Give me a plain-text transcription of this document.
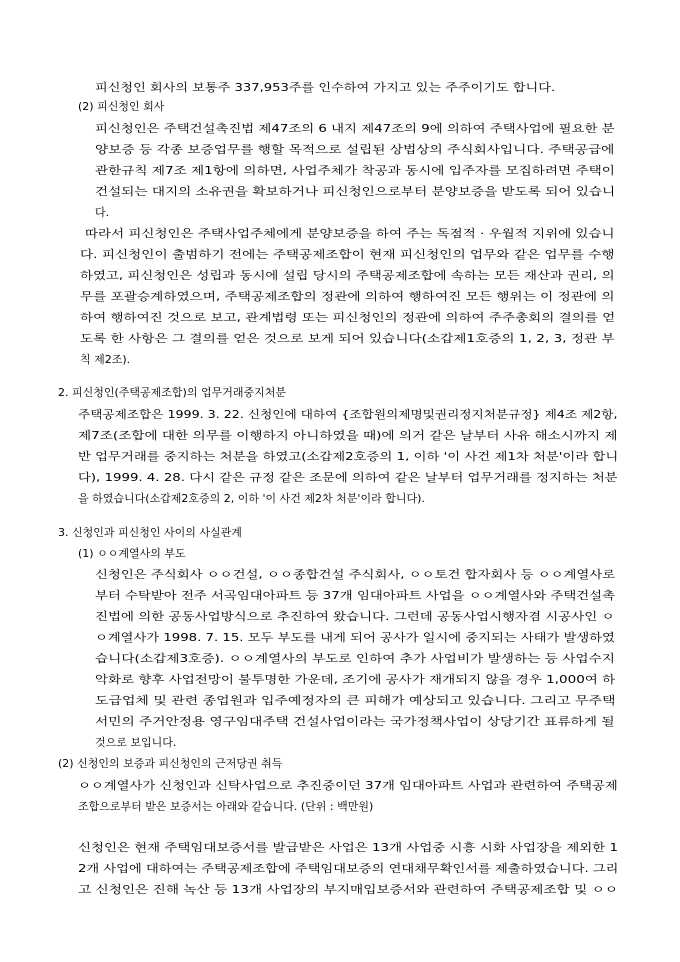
피신청인 회사의 보통주 337,953주를 인수하여 가지고 있는 주주이기도 합니다.
(2) 피신청인 회사
피신청인은 주택건설촉진법 제47조의 6 내지 제47조의 9에 의하여 주택사업에 필요한 분
양보증 등 각종 보증업무를 행할 목적으로 설립된 상법상의 주식회사입니다. 주택공급에
관한규칙 제7조 제1항에 의하면, 사업주체가 착공과 동시에 입주자를 모집하려면 주택이
건설되는 대지의 소유권을 확보하거나 피신청인으로부터 분양보증을 받도록 되어 있습니
다.
따라서 피신청인은 주택사업주체에게 분양보증을 하여 주는 독점적 · 우월적 지위에 있습니
다. 피신청인이 출범하기 전에는 주택공제조합이 현재 피신청인의 업무와 같은 업무를 수행
하였고, 피신청인은 성립과 동시에 설립 당시의 주택공제조합에 속하는 모든 재산과 권리, 의
무를 포괄승계하였으며, 주택공제조합의 정관에 의하여 행하여진 모든 행위는 이 정관에 의
하여 행하여진 것으로 보고, 관계법령 또는 피신청인의 정관에 의하여 주주총회의 결의를 얻
도록 한 사항은 그 결의를 얻은 것으로 보게 되어 있습니다(소갑제1호증의 1, 2, 3, 정관 부
칙 제2조).
2. 피신청인(주택공제조합)의 업무거래중지처분
주택공제조합은 1999. 3. 22. 신청인에 대하여 {조합원의제명및권리정지처분규정} 제4조 제2항,
제7조(조합에 대한 의무를 이행하지 아니하였을 때)에 의거 같은 날부터 사유 해소시까지 제
반 업무거래를 중지하는 처분을 하였고(소갑제2호증의 1, 이하 '이 사건 제1차 처분'이라 합니
다), 1999. 4. 28. 다시 같은 규정 같은 조문에 의하여 같은 날부터 업무거래를 정지하는 처분
을 하였습니다(소갑제2호증의 2, 이하 '이 사건 제2차 처분'이라 합니다).
3. 신청인과 피신청인 사이의 사실관계
(1) ㅇㅇ계열사의 부도
신청인은 주식회사 ㅇㅇ건설, ㅇㅇ종합건설 주식회사, ㅇㅇ토건 합자회사 등 ㅇㅇ계열사로
부터 수탁받아 전주 서곡임대아파트 등 37개 임대아파트 사업을 ㅇㅇ계열사와 주택건설촉
진법에 의한 공동사업방식으로 추진하여 왔습니다. 그런데 공동사업시행자겸 시공사인 ㅇ
ㅇ계열사가 1998. 7. 15. 모두 부도를 내게 되어 공사가 일시에 중지되는 사태가 발생하였
습니다(소갑제3호증). ㅇㅇ계열사의 부도로 인하여 추가 사업비가 발생하는 등 사업수지
악화로 향후 사업전망이 불투명한 가운데, 조기에 공사가 재개되지 않을 경우 1,000여 하
도급업체 및 관련 종업원과 입주예정자의 큰 피해가 예상되고 있습니다. 그리고 무주택
서민의 주거안정용 영구임대주택 건설사업이라는 국가정책사업이 상당기간 표류하게 될
것으로 보입니다.
(2) 신청인의 보증과 피신청인의 근저당권 취득
ㅇㅇ계열사가 신청인과 신탁사업으로 추진중이던 37개 임대아파트 사업과 관련하여 주택공제
조합으로부터 받은 보증서는 아래와 같습니다. (단위 : 백만원)
신청인은 현재 주택임대보증서를 발급받은 사업은 13개 사업중 시흥 시화 사업장을 제외한 1
2개 사업에 대하여는 주택공제조합에 주택임대보증의 연대채무확인서를 제출하였습니다. 그리
고 신청인은 진해 녹산 등 13개 사업장의 부지매입보증서와 관련하여 주택공제조합 및 ㅇㅇ
